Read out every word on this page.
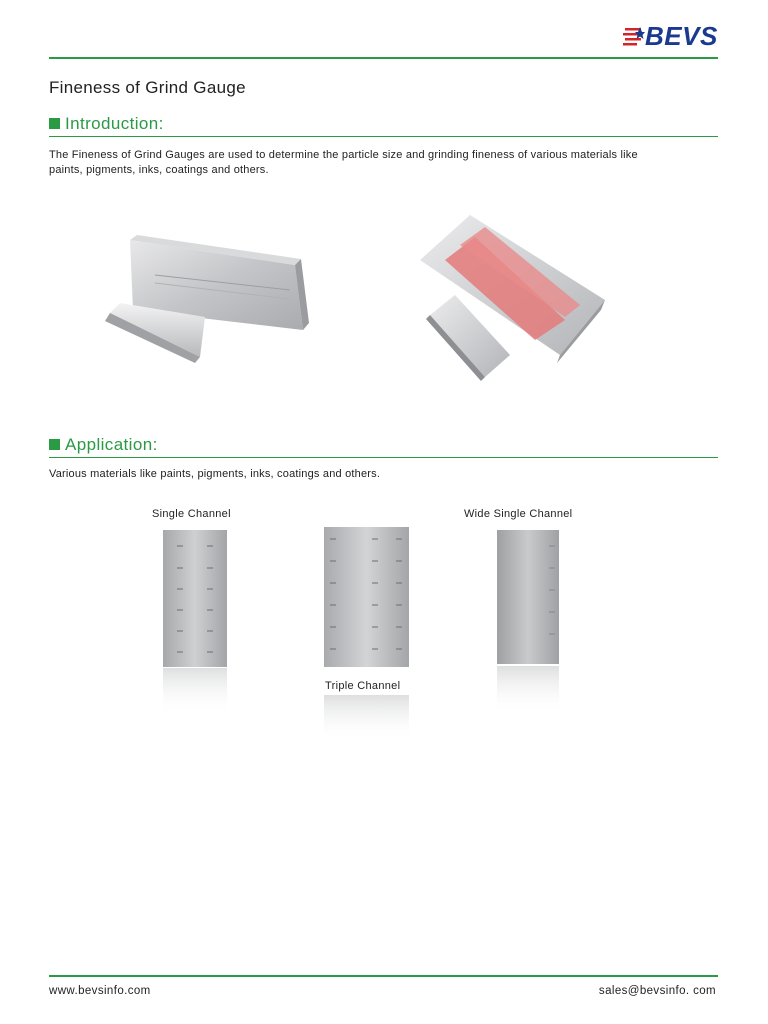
BEVS
Fineness of Grind Gauge
Introduction:
The Fineness of Grind Gauges are used to determine the particle size and grinding fineness of various materials like
paints, pigments, inks, coatings and others.
Application:
Various materials like paints, pigments, inks, coatings and others.
Single Channel	Wide Single Channel
Triple Channel
www.bevsinfo.com	sales@bevsinfo. com
